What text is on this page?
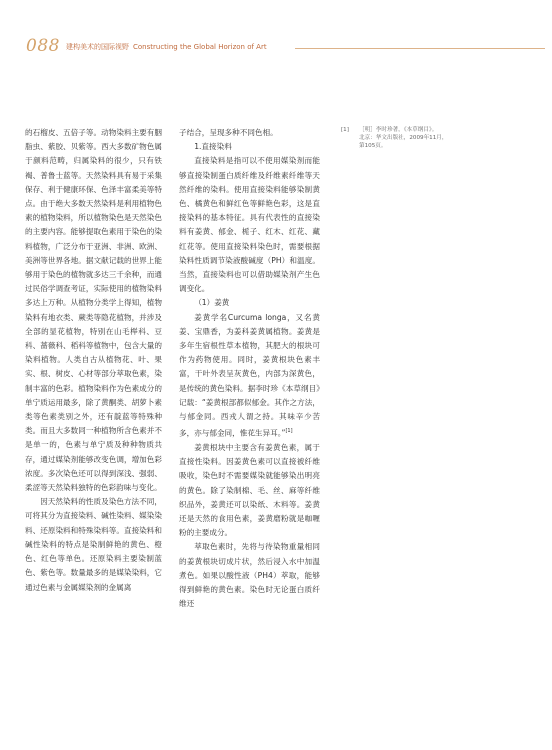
088 建构美术的国际视野 Constructing the Global Horizon of Art

的石榴皮、五倍子等。动物染料主要有胭脂虫、紫胶、贝紫等。西大多数矿物色属于颜料范畴，归属染料的很少，只有铁褐、普鲁士蓝等。天然染料具有易于采集保存、利于健康环保、色泽丰富柔美等特点。由于绝大多数天然染料是利用植物色素的植物染料，所以植物染色是天然染色的主要内容。能够提取色素用于染色的染料植物，广泛分布于亚洲、非洲、欧洲、美洲等世界各地。据文献记载的世界上能够用于染色的植物就多达三千余种，而通过民俗学调查考证，实际使用的植物染料多达上万种。从植物分类学上得知，植物染料有地衣类、蕨类等隐花植物，并涉及全部的显花植物，特别在山毛榉科、豆科、蔷薇科、稻科等植物中，包含大量的染料植物。人类自古从植物花、叶、果实、根、树皮、心材等部分萃取色素，染制丰富的色彩。植物染料作为色素成分的单宁质运用最多，除了黄酮类、胡萝卜素类等色素类别之外，还有靛蓝等特殊种类。而且大多数同一种植物所含色素并不是单一的，色素与单宁质及种种物质共存，通过媒染剂能够改变色调，增加色彩浓度。多次染色还可以得到深浅、强弱、柔涩等天然染料独特的色彩韵味与变化。

因天然染料的性质及染色方法不同，可将其分为直接染料、碱性染料、媒染染料、还原染料和特殊染料等。直接染料和碱性染料的特点是染制鲜艳的黄色、橙色、红色等单色。还原染料主要染制蓝色、紫色等。数量最多的是媒染染料，它通过色素与金属媒染剂的金属离

子结合，呈现多种不同色相。

1.直接染料

直接染料是指可以不使用媒染剂而能够直接染制蛋白质纤维及纤维素纤维等天然纤维的染料。使用直接染料能够染制黄色、橘黄色和鲜红色等鲜艳色彩，这是直接染料的基本特征。具有代表性的直接染料有姜黄、郁金、栀子、红木、红花、藏红花等。使用直接染料染色时，需要根据染料性质调节染液酸碱度（PH）和温度。当然，直接染料也可以借助媒染剂产生色调变化。

（1）姜黄

姜黄学名Curcuma longa，又名黄姜、宝鼎香，为姜科姜黄属植物。姜黄是多年生宿根性草本植物，其肥大的根块可作为药物使用。同时，姜黄根块色素丰富，干叶外表呈灰黄色，内部为深黄色，是传统的黄色染料。据李时珍《本草纲目》记载：“姜黄根部都似郁金。其作之方法，与郁金同。西戎人谓之持。其味辛少苦多，亦与郁金同，惟花生异耳。”[1]

姜黄根块中主要含有姜黄色素，属于直接性染料。因姜黄色素可以直接被纤维吸收，染色时不需要媒染就能够染出明亮的黄色。除了染制棉、毛、丝、麻等纤维织品外，姜黄还可以染纸、木料等。姜黄还是天然的食用色素，姜黄磨粉就是咖喱粉的主要成分。

萃取色素时，先将与待染物重量相同的姜黄根块切成片状，然后浸入水中加温煮色。如果以酸性液（PH4）萃取，能够得到鲜艳的黄色素。染色时无论蛋白质纤维还

[1]	［明］李时珍著，《本草纲目》。
北京：华文出版社，2009年11月，
第105页。
